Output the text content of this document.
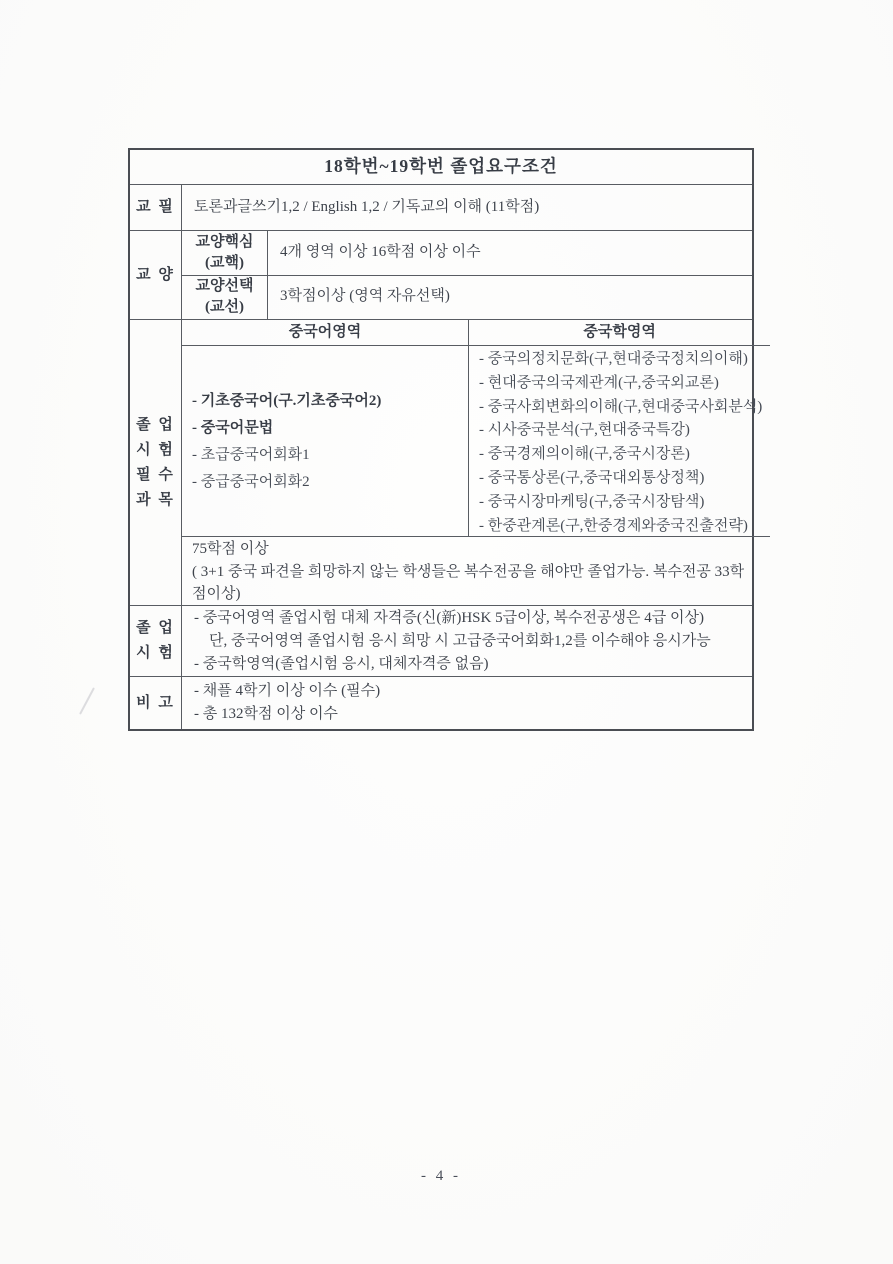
18학번~19학번 졸업요구조건
교 필 토론과글쓰기1,2 / English 1,2 / 기독교의 이해 (11학점)
교 양
교양핵심
(교핵)
4개 영역 이상 16학점 이상 이수
교양선택
(교선)
3학점이상 (영역 자유선택)
졸 업
시 험
필 수
과 목
중국어영역	중국학영역
- 기초중국어(구.기초중국어2)
- 중국어문법
- 초급중국어회화1
- 중급중국어회화2
- 중국의정치문화(구,현대중국정치의이해)
- 현대중국의국제관계(구,중국외교론)
- 중국사회변화의이해(구,현대중국사회분석)
- 시사중국분석(구,현대중국특강)
- 중국경제의이해(구,중국시장론)
- 중국통상론(구,중국대외통상정책)
- 중국시장마케팅(구,중국시장탐색)
- 한중관계론(구,한중경제와중국진출전략)
75학점 이상
( 3+1 중국 파견을 희망하지 않는 학생들은 복수전공을 해야만 졸업가능. 복수전공 33학
점이상)
졸 업
시 험
- 중국어영역 졸업시험 대체 자격증(신(新)HSK 5급이상, 복수전공생은 4급 이상)
단, 중국어영역 졸업시험 응시 희망 시 고급중국어회화1,2를 이수해야 응시가능
- 중국학영역(졸업시험 응시, 대체자격증 없음)
비 고
- 채플 4학기 이상 이수 (필수)
- 총 132학점 이상 이수
- 4 -
